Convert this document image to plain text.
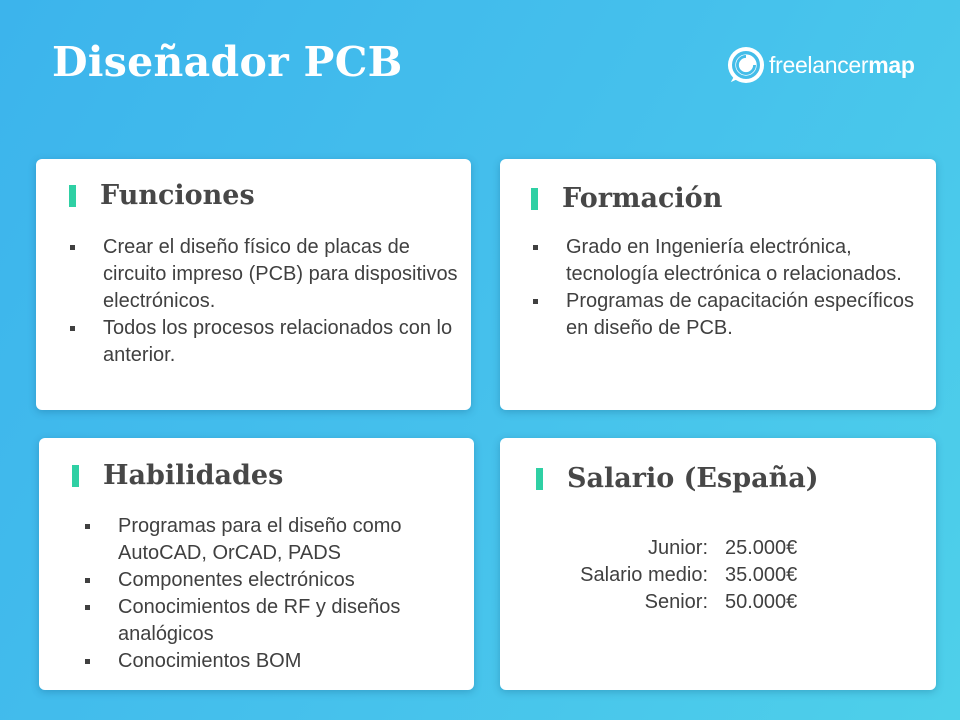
Diseñador PCB	freelancermap
Funciones
Crear el diseño físico de placas de circuito impreso (PCB) para dispositivos electrónicos.
Todos los procesos relacionados con lo anterior.
Formación
Grado en Ingeniería electrónica, tecnología electrónica o relacionados.
Programas de capacitación específicos en diseño de PCB.
Habilidades
Programas para el diseño como AutoCAD, OrCAD, PADS
Componentes electrónicos
Conocimientos de RF y diseños analógicos
Conocimientos BOM
Salario (España)
Junior: 25.000€
Salario medio: 35.000€
Senior: 50.000€
